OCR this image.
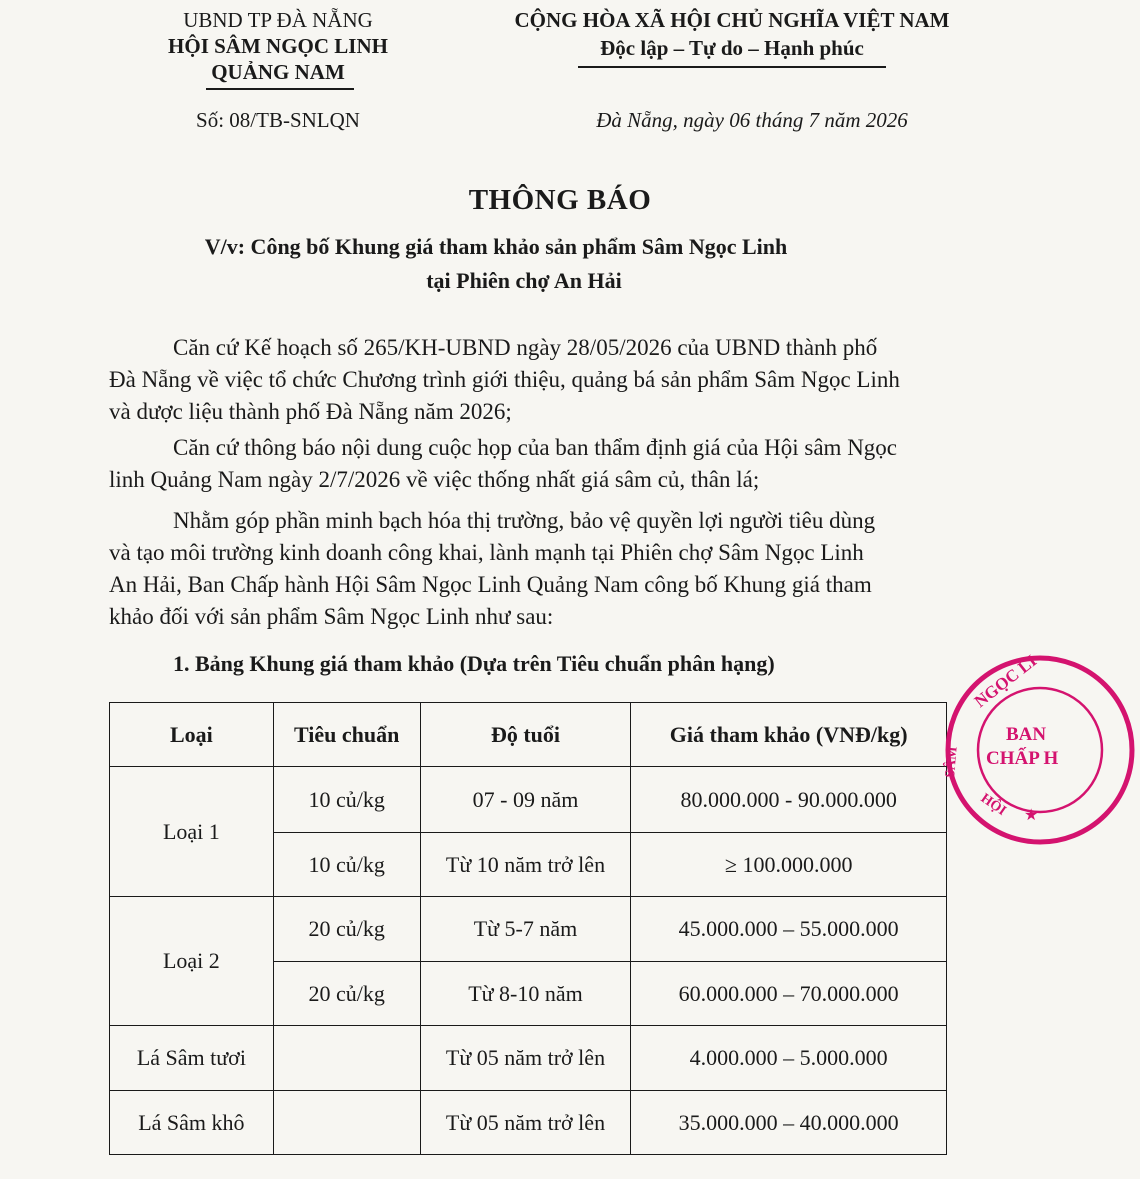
UBND TP ĐÀ NẴNG
HỘI SÂM NGỌC LINH
QUẢNG NAM
Số: 08/TB-SNLQN
CỘNG HÒA XÃ HỘI CHỦ NGHĨA VIỆT NAM
Độc lập – Tự do – Hạnh phúc
Đà Nẵng, ngày 06 tháng 7 năm 2026
THÔNG BÁO
V/v: Công bố Khung giá tham khảo sản phẩm Sâm Ngọc Linh
tại Phiên chợ An Hải
Căn cứ Kế hoạch số 265/KH-UBND ngày 28/05/2026 của UBND thành phố
Đà Nẵng về việc tổ chức Chương trình giới thiệu, quảng bá sản phẩm Sâm Ngọc Linh
và dược liệu thành phố Đà Nẵng năm 2026;
Căn cứ thông báo nội dung cuộc họp của ban thẩm định giá của Hội sâm Ngọc
linh Quảng Nam ngày 2/7/2026 về việc thống nhất giá sâm củ, thân lá;
Nhằm góp phần minh bạch hóa thị trường, bảo vệ quyền lợi người tiêu dùng
và tạo môi trường kinh doanh công khai, lành mạnh tại Phiên chợ Sâm Ngọc Linh
An Hải, Ban Chấp hành Hội Sâm Ngọc Linh Quảng Nam công bố Khung giá tham
khảo đối với sản phẩm Sâm Ngọc Linh như sau:
1. Bảng Khung giá tham khảo (Dựa trên Tiêu chuẩn phân hạng)
Loại	Tiêu chuẩn	Độ tuổi	Giá tham khảo (VNĐ/kg)
Loại 1	10 củ/kg	07 - 09 năm	80.000.000 - 90.000.000
	10 củ/kg	Từ 10 năm trở lên	≥ 100.000.000
Loại 2	20 củ/kg	Từ 5-7 năm	45.000.000 – 55.000.000
	20 củ/kg	Từ 8-10 năm	60.000.000 – 70.000.000
Lá Sâm tươi		Từ 05 năm trở lên	4.000.000 – 5.000.000
Lá Sâm khô		Từ 05 năm trở lên	35.000.000 – 40.000.000
NGỌC LI
SÂM
HỘI
BAN
CHẤP H
★
